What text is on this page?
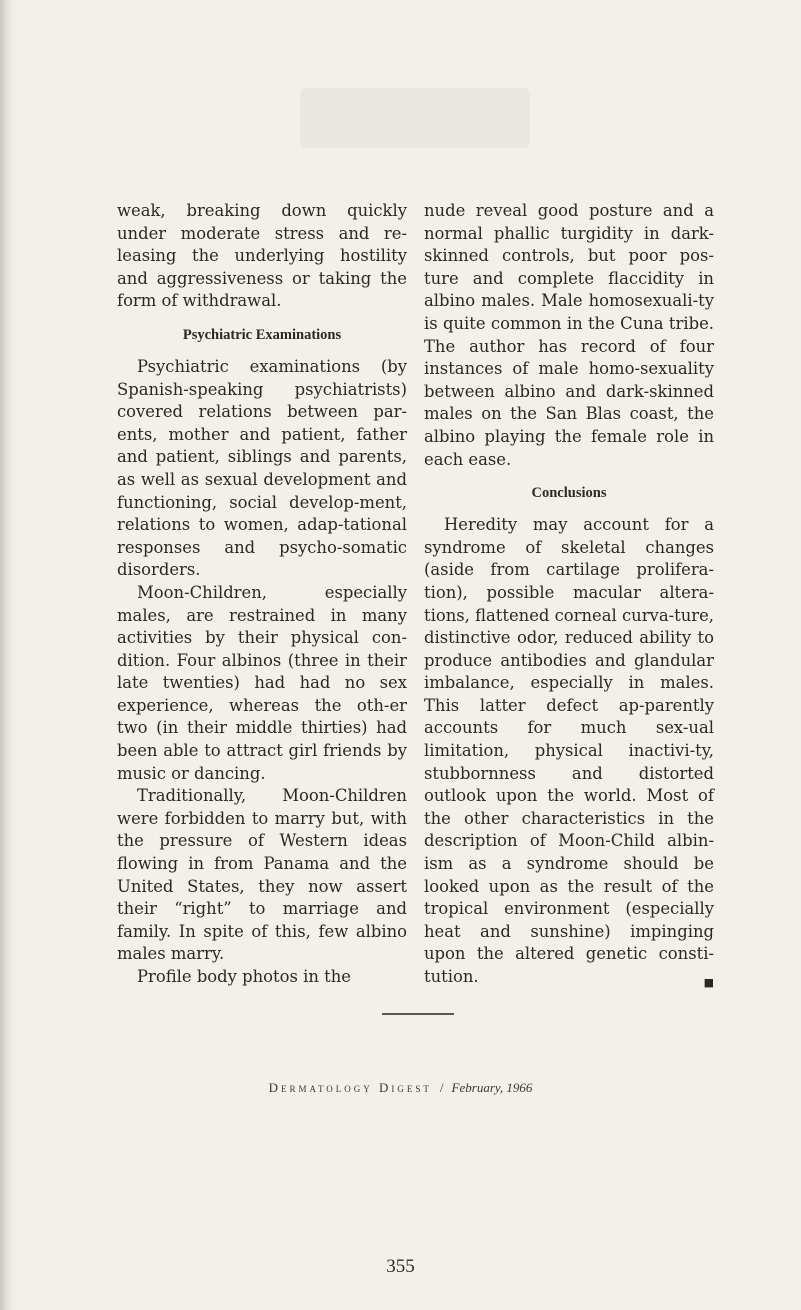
weak, breaking down quickly under moderate stress and re-leasing the underlying hostility and aggressiveness or taking the form of withdrawal.

Psychiatric Examinations

Psychiatric examinations (by Spanish-speaking psychiatrists) covered relations between par-ents, mother and patient, father and patient, siblings and parents, as well as sexual development and functioning, social develop-ment, relations to women, adap-tational responses and psycho-somatic disorders.

Moon-Children, especially males, are restrained in many activities by their physical con-dition. Four albinos (three in their late twenties) had had no sex experience, whereas the oth-er two (in their middle thirties) had been able to attract girl friends by music or dancing.

Traditionally, Moon-Children were forbidden to marry but, with the pressure of Western ideas flowing in from Panama and the United States, they now assert their “right” to marriage and family. In spite of this, few albino males marry.

Profile body photos in the

nude reveal good posture and a normal phallic turgidity in dark-skinned controls, but poor pos-ture and complete flaccidity in albino males. Male homosexuali-ty is quite common in the Cuna tribe. The author has record of four instances of male homo-sexuality between albino and dark-skinned males on the San Blas coast, the albino playing the female role in each ease.

Conclusions

Heredity may account for a syndrome of skeletal changes (aside from cartilage prolifera-tion), possible macular altera-tions, flattened corneal curva-ture, distinctive odor, reduced ability to produce antibodies and glandular imbalance, especially in males. This latter defect ap-parently accounts for much sex-ual limitation, physical inactivi-ty, stubbornness and distorted outlook upon the world. Most of the other characteristics in the description of Moon-Child albin-ism as a syndrome should be looked upon as the result of the tropical environment (especially heat and sunshine) impinging upon the altered genetic consti-tution.	■

Dermatology Digest / February, 1966
355
